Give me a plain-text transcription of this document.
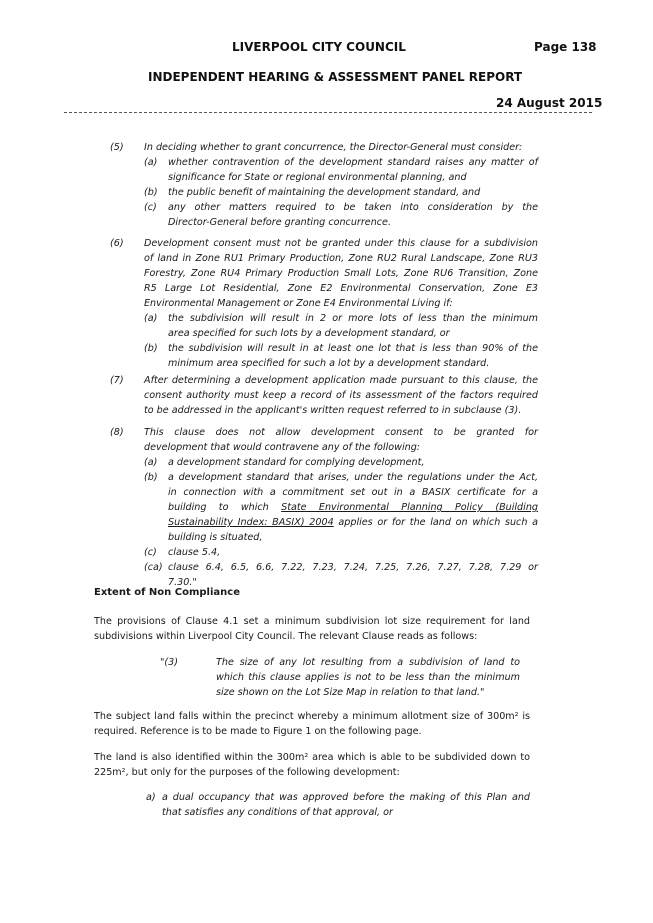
LIVERPOOL CITY COUNCIL	Page 138
INDEPENDENT HEARING & ASSESSMENT PANEL REPORT
24 August 2015
(5)	In deciding whether to grant concurrence, the Director-General must consider:
(a)	whether contravention of the development standard raises any matter of
significance for State or regional environmental planning, and
(b)	the public benefit of maintaining the development standard, and
(c)	any other matters required to be taken into consideration by the
Director-General before granting concurrence.
(6)	Development consent must not be granted under this clause for a subdivision
of land in Zone RU1 Primary Production, Zone RU2 Rural Landscape, Zone RU3
Forestry, Zone RU4 Primary Production Small Lots, Zone RU6 Transition, Zone
R5 Large Lot Residential, Zone E2 Environmental Conservation, Zone E3
Environmental Management or Zone E4 Environmental Living if:
(a)	the subdivision will result in 2 or more lots of less than the minimum
area specified for such lots by a development standard, or
(b)	the subdivision will result in at least one lot that is less than 90% of the
minimum area specified for such a lot by a development standard.
(7)	After determining a development application made pursuant to this clause, the
consent authority must keep a record of its assessment of the factors required
to be addressed in the applicant's written request referred to in subclause (3).
(8)	This clause does not allow development consent to be granted for
development that would contravene any of the following:
(a)	a development standard for complying development,
(b)	a development standard that arises, under the regulations under the Act,
in connection with a commitment set out in a BASIX certificate for a
building to which State Environmental Planning Policy (Building
Sustainability Index: BASIX) 2004 applies or for the land on which such a
building is situated,
(c)	clause 5.4,
(ca) clause 6.4, 6.5, 6.6, 7.22, 7.23, 7.24, 7.25, 7.26, 7.27, 7.28, 7.29 or
7.30."
Extent of Non Compliance
The provisions of Clause 4.1 set a minimum subdivision lot size requirement for land
subdivisions within Liverpool City Council. The relevant Clause reads as follows:
"(3)	The size of any lot resulting from a subdivision of land to
which this clause applies is not to be less than the minimum
size shown on the Lot Size Map in relation to that land."
The subject land falls within the precinct whereby a minimum allotment size of 300m² is
required. Reference is to be made to Figure 1 on the following page.
The land is also identified within the 300m² area which is able to be subdivided down to
225m², but only for the purposes of the following development:
a) a dual occupancy that was approved before the making of this Plan and
that satisfies any conditions of that approval, or
